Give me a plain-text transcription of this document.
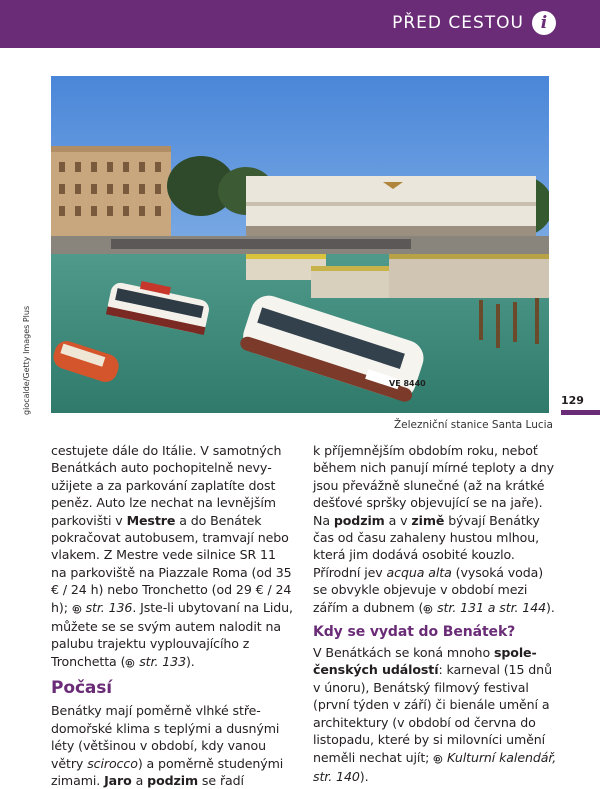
PŘED CESTOU i
VE 8440
giocalde/Getty Images Plus
Železniční stanice Santa Lucia
129

cestujete dále do Itálie. V samotných Benátkách auto pochopitelně nevyužijete a za parkování zaplatíte dost peněz. Auto lze nechat na levnějším parkovišti v Mestre a do Benátek pokračovat autobusem, tramvají nebo vlakem. Z Mestre vede silnice SR 11 na parkoviště na Piazzale Roma (od 35 € / 24 h) nebo Tronchetto (od 29 € / 24 h); @ str. 136. Jste-li ubytovaní na Lidu, můžete se se svým autem nalodit na palubu trajektu vyplouvajícího z Tronchetta (@ str. 133).

Počasí

Benátky mají poměrně vlhké středomořské klima s teplými a dusnými léty (většinou v období, kdy vanou větry scirocco) a poměrně studenými zimami. Jaro a podzim se řadí

k příjemnějším obdobím roku, neboť během nich panují mírné teploty a dny jsou převážně slunečné (až na krátké dešťové spršky objevující se na jaře). Na podzim a v zimě bývají Benátky čas od času zahaleny hustou mlhou, která jim dodává osobité kouzlo. Přírodní jev acqua alta (vysoká voda) se obvykle objevuje v období mezi zářím a dubnem (@ str. 131 a str. 144).

Kdy se vydat do Benátek?

V Benátkách se koná mnoho společenských událostí: karneval (15 dnů v únoru), Benátský filmový festival (první týden v září) či bienále umění a architektury (v období od června do listopadu, které by si milovníci umění neměli nechat ujít; @ Kulturní kalendář, str. 140).
